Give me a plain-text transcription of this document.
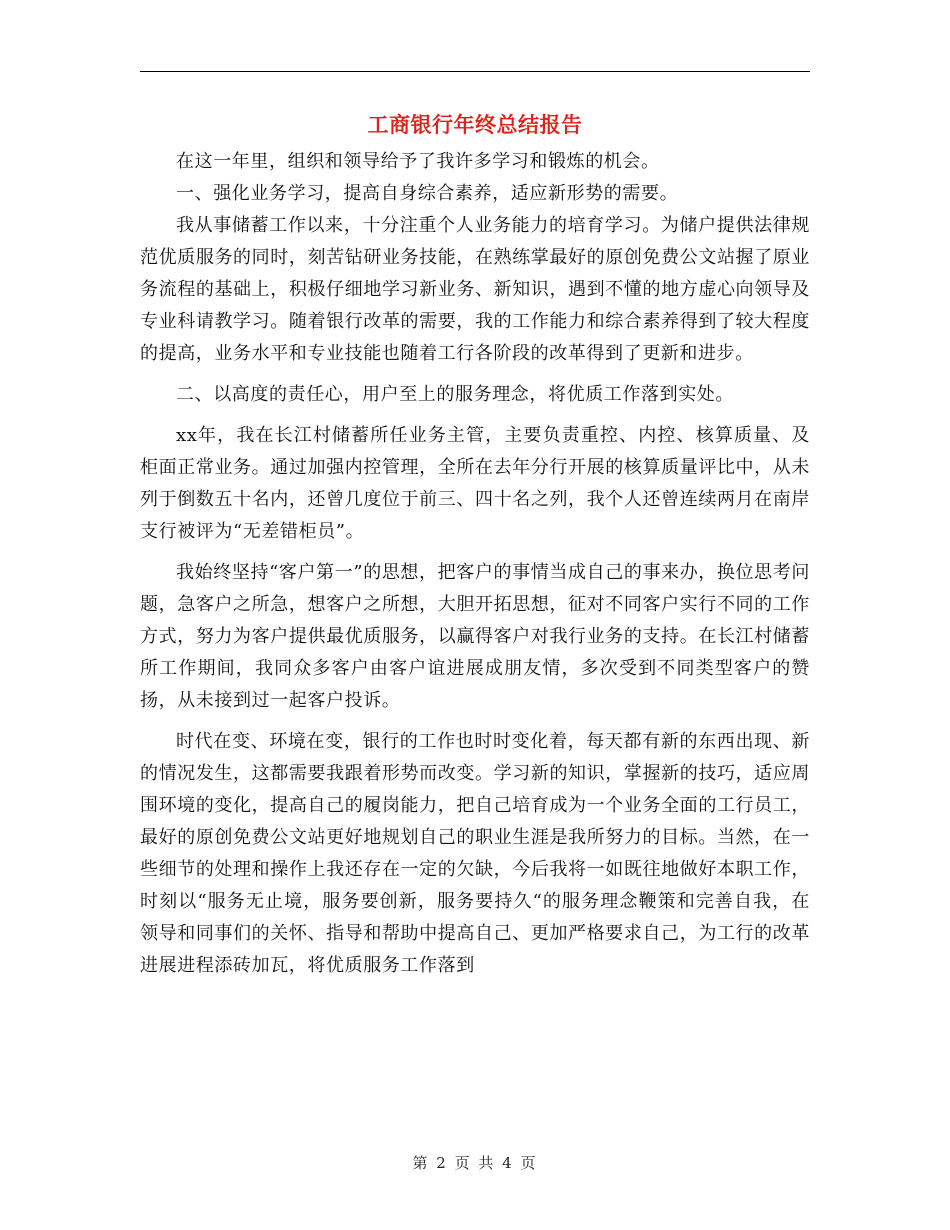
工商银行年终总结报告

在这一年里，组织和领导给予了我许多学习和锻炼的机会。

一、强化业务学习，提高自身综合素养，适应新形势的需要。

我从事储蓄工作以来，十分注重个人业务能力的培育学习。为储户提供法律规范优质服务的同时，刻苦钻研业务技能，在熟练掌最好的原创免费公文站握了原业务流程的基础上，积极仔细地学习新业务、新知识，遇到不懂的地方虚心向领导及专业科请教学习。随着银行改革的需要，我的工作能力和综合素养得到了较大程度的提高，业务水平和专业技能也随着工行各阶段的改革得到了更新和进步。

二、以高度的责任心，用户至上的服务理念，将优质工作落到实处。

xx年，我在长江村储蓄所任业务主管，主要负责重控、内控、核算质量、及柜面正常业务。通过加强内控管理，全所在去年分行开展的核算质量评比中，从未列于倒数五十名内，还曾几度位于前三、四十名之列，我个人还曾连续两月在南岸支行被评为“无差错柜员”。

我始终坚持“客户第一”的思想，把客户的事情当成自己的事来办，换位思考问题，急客户之所急，想客户之所想，大胆开拓思想，征对不同客户实行不同的工作方式，努力为客户提供最优质服务，以赢得客户对我行业务的支持。在长江村储蓄所工作期间，我同众多客户由客户谊进展成朋友情，多次受到不同类型客户的赞扬，从未接到过一起客户投诉。

时代在变、环境在变，银行的工作也时时变化着，每天都有新的东西出现、新的情况发生，这都需要我跟着形势而改变。学习新的知识，掌握新的技巧，适应周围环境的变化，提高自己的履岗能力，把自己培育成为一个业务全面的工行员工，最好的原创免费公文站更好地规划自己的职业生涯是我所努力的目标。当然，在一些细节的处理和操作上我还存在一定的欠缺，今后我将一如既往地做好本职工作，时刻以“服务无止境，服务要创新，服务要持久“的服务理念鞭策和完善自我，在领导和同事们的关怀、指导和帮助中提高自己、更加严格要求自己，为工行的改革进展进程添砖加瓦，将优质服务工作落到

第 2 页 共 4 页
